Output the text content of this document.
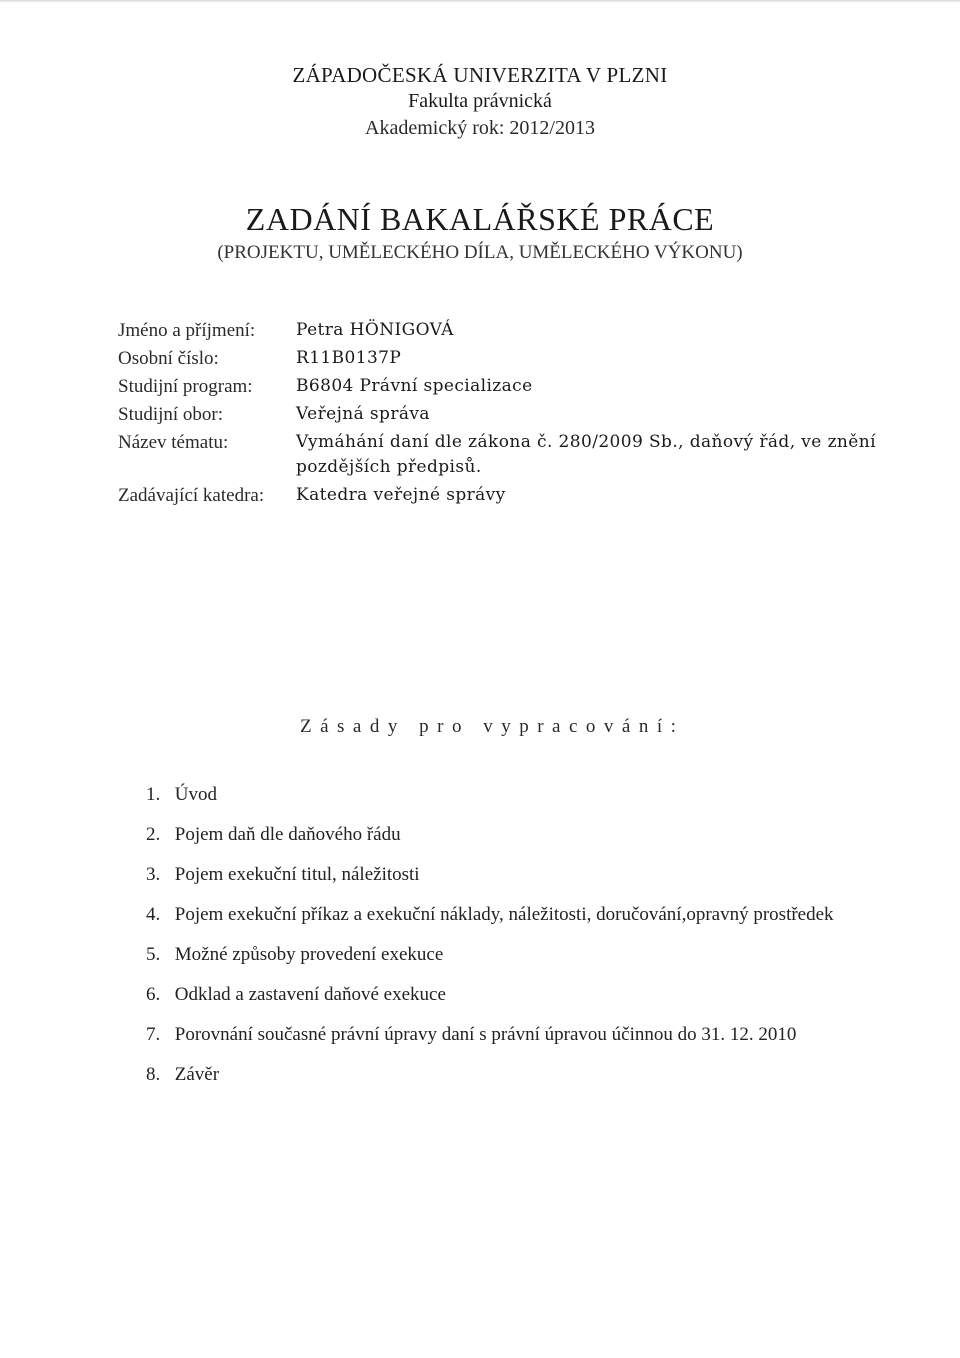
ZÁPADOČESKÁ UNIVERZITA V PLZNI
Fakulta právnická
Akademický rok: 2012/2013
ZADÁNÍ BAKALÁŘSKÉ PRÁCE
(PROJEKTU, UMĚLECKÉHO DÍLA, UMĚLECKÉHO VÝKONU)
Jméno a příjmení:	Petra HÖNIGOVÁ
Osobní číslo:	R11B0137P
Studijní program:	B6804 Právní specializace
Studijní obor:	Veřejná správa
Název tématu:	Vymáhání daní dle zákona č. 280/2009 Sb., daňový řád, ve znění pozdějších předpisů.
Zadávající katedra:	Katedra veřejné správy
Zásady pro vypracování:
1. Úvod
2. Pojem daň dle daňového řádu
3. Pojem exekuční titul, náležitosti
4. Pojem exekuční příkaz a exekuční náklady, náležitosti, doručování,opravný prostředek
5. Možné způsoby provedení exekuce
6. Odklad a zastavení daňové exekuce
7. Porovnání současné právní úpravy daní s právní úpravou účinnou do 31. 12. 2010
8. Závěr
